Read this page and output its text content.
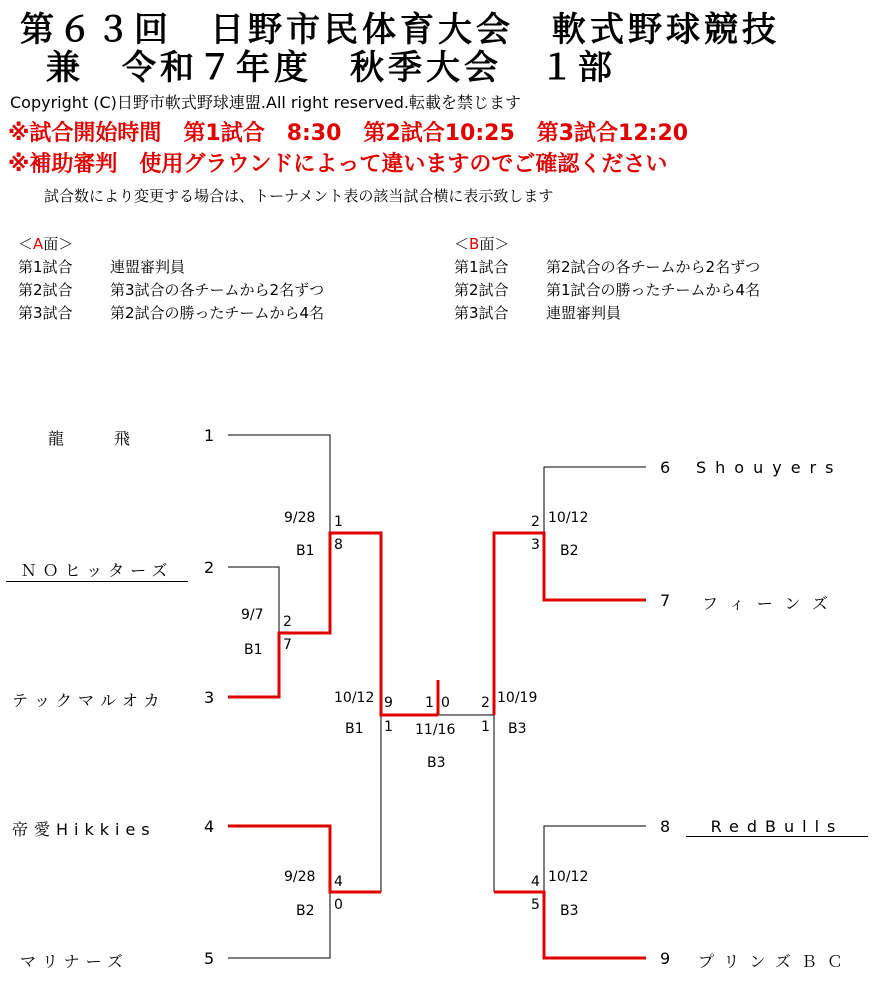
第６３回　日野市民体育大会　軟式野球競技
兼　令和７年度　秋季大会　１部
Copyright (C)日野市軟式野球連盟.All right reserved.転載を禁じます
※試合開始時間　第1試合　8:30　第2試合10:25　第3試合12:20
※補助審判　使用グラウンドによって違いますのでご確認ください
試合数により変更する場合は、トーナメント表の該当試合横に表示致します
＜A面＞
第1試合 連盟審判員
第2試合 第3試合の各チームから2名ずつ
第3試合 第2試合の勝ったチームから4名
＜B面＞
第1試合 第2試合の各チームから2名ずつ
第2試合 第1試合の勝ったチームから4名
第3試合 連盟審判員
龍　　飛	1
ＮＯヒッターズ	2
テックマルオカ 3
帝愛Hikkies	4
マリナーズ	5
6 Shouyers
7 フィーンズ
8	RedBulls
9 プリンズＢＣ
9/7
B1
2
7
9/28
B1
1
8
9/28
B2
4
0
10/12
B1
9
1
10/12
B2
2
3
10/12
B3
4
5
10/19
B3
2
1
1 0
11/16
B3
